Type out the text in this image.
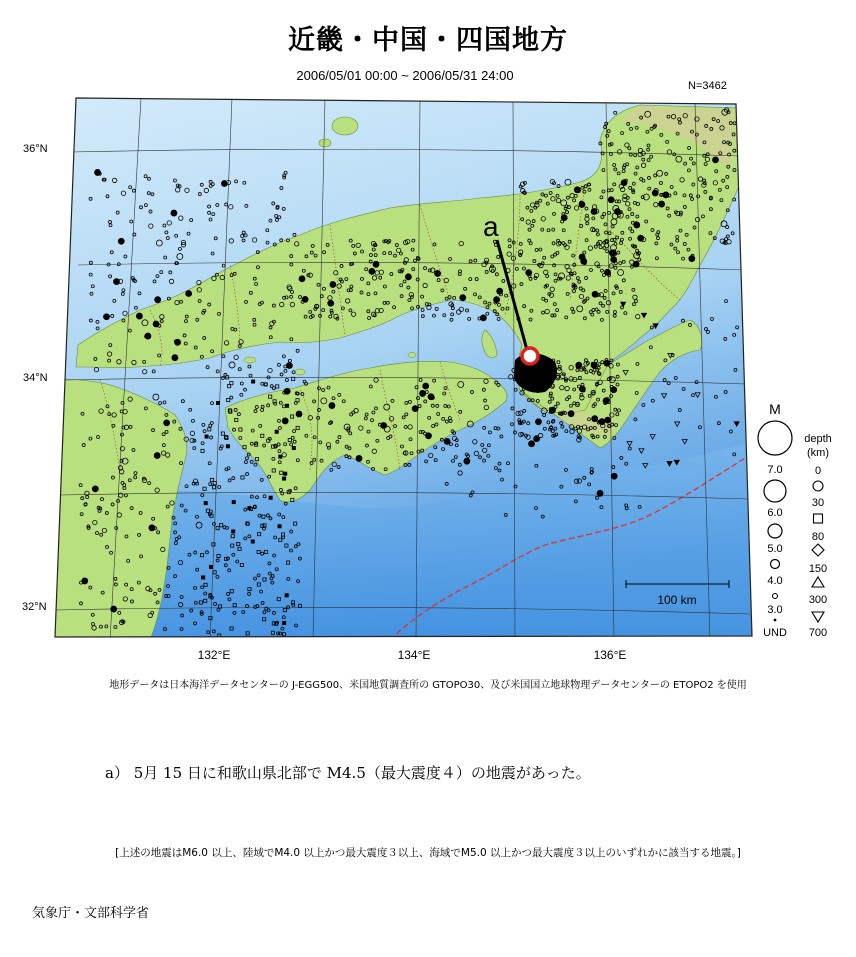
近畿・中国・四国地方
2006/05/01 00:00 ~ 2006/05/31 24:00
N=3462
a
100 km
36°N
34°N
32°N
132°E	134°E	136°E
M
7.0
6.0
5.0
4.0
3.0
UND
depth
(km)
0
30
80
150
300
700
地形データは日本海洋データセンターの J-EGG500、米国地質調査所の GTOPO30、及び米国国立地球物理データセンターの ETOPO2 を使用
a） 5月 15 日に和歌山県北部で M4.5（最大震度４）の地震があった。
[上述の地震はM6.0 以上、陸域でM4.0 以上かつ最大震度３以上、海域でM5.0 以上かつ最大震度３以上のいずれかに該当する地震。]
気象庁・文部科学省
